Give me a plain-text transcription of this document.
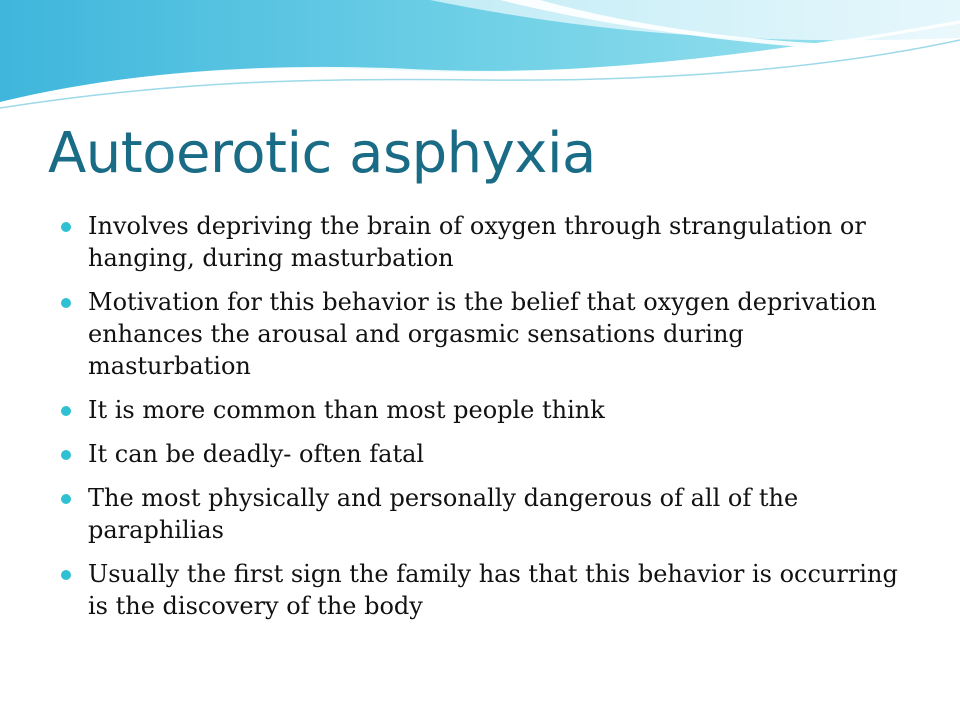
Autoerotic asphyxia
Involves depriving the brain of oxygen through strangulation or hanging, during masturbation
Motivation for this behavior is the belief that oxygen deprivation enhances the arousal and orgasmic sensations during masturbation
It is more common than most people think
It can be deadly- often fatal
The most physically and personally dangerous of all of the paraphilias
Usually the first sign the family has that this behavior is occurring is the discovery of the body
